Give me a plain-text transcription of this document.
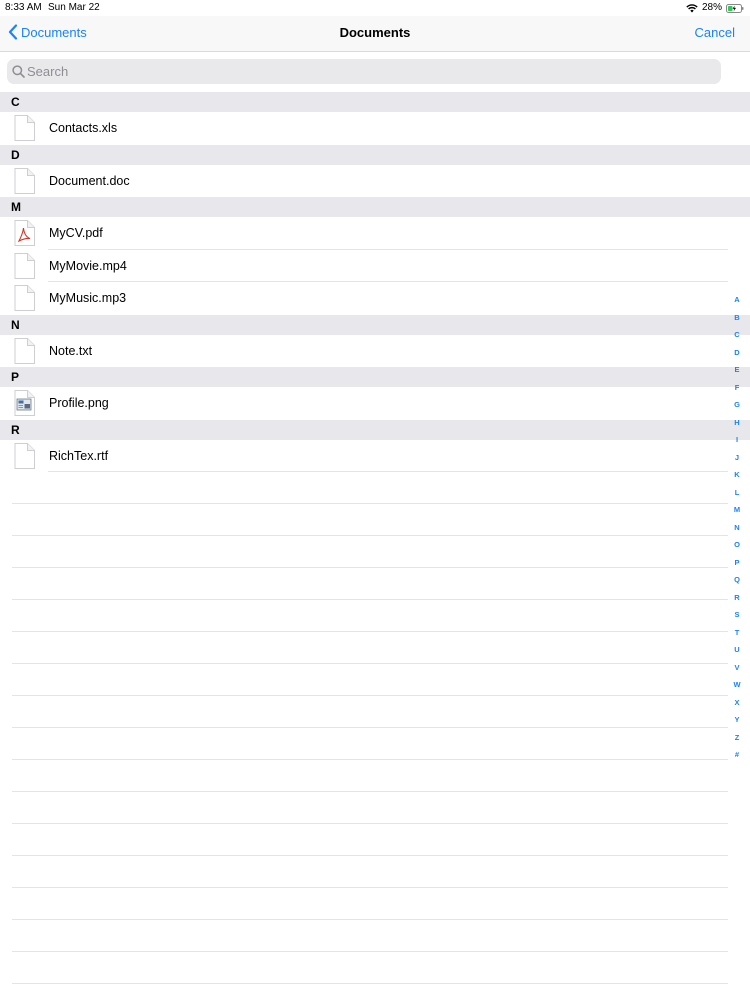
8:33 AM Sun Mar 22	28%
Documents	Documents	Cancel
Search
C
Contacts.xls
D
Document.doc
M
MyCV.pdf
MyMovie.mp4
MyMusic.mp3
N
Note.txt
P
Profile.png
R
RichTex.rtf
A
B
C
D
E
F
G
H
I
J
K
L
M
N
O
P
Q
R
S
T
U
V
W
X
Y
Z
#
